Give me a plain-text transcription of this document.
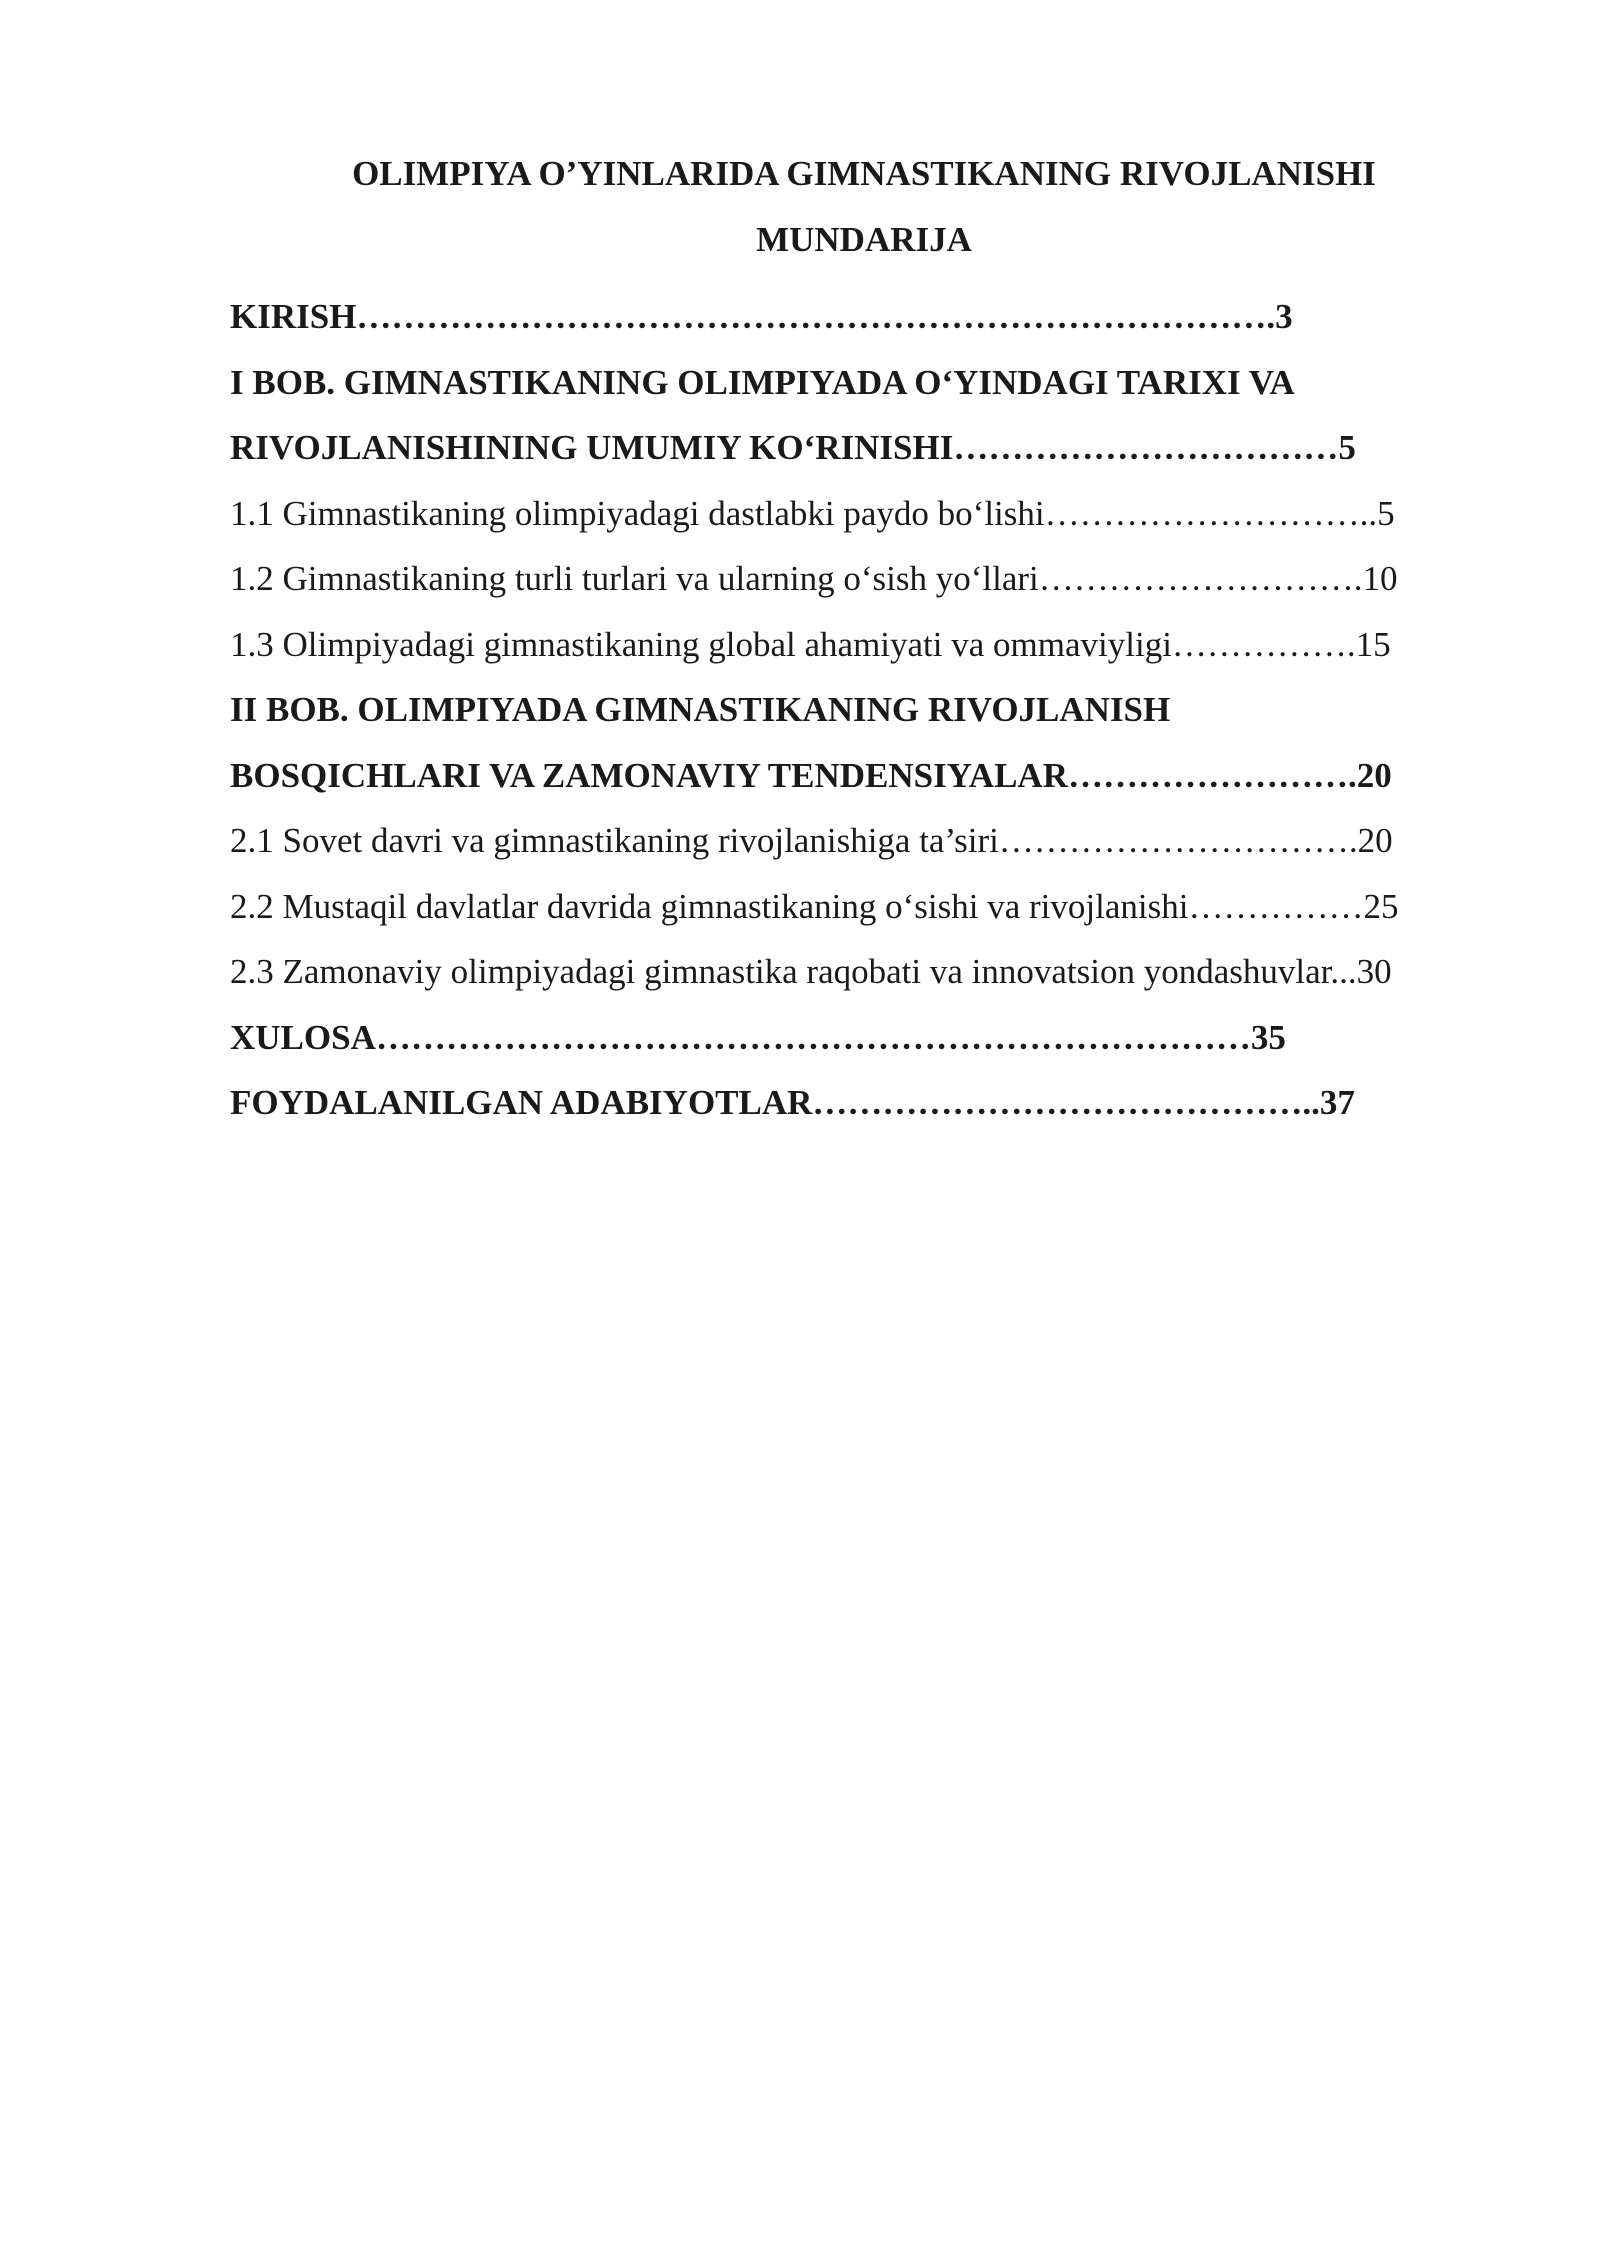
OLIMPIYA O’YINLARIDA GIMNASTIKANING RIVOJLANISHI
MUNDARIJA
KIRISH…………………………………………………………………….3
I BOB. GIMNASTIKANING OLIMPIYADA O‘YINDAGI TARIXI VA
RIVOJLANISHINING UMUMIY KO‘RINISHI……………………………5
1.1 Gimnastikaning olimpiyadagi dastlabki paydo bo‘lishi………………………..5
1.2 Gimnastikaning turli turlari va ularning o‘sish yo‘llari……………………….10
1.3 Olimpiyadagi gimnastikaning global ahamiyati va ommaviyligi…………….15
II BOB. OLIMPIYADA GIMNASTIKANING RIVOJLANISH
BOSQICHLARI VA ZAMONAVIY TENDENSIYALAR…………………….20
2.1 Sovet davri va gimnastikaning rivojlanishiga ta’siri………………………….20
2.2 Mustaqil davlatlar davrida gimnastikaning o‘sishi va rivojlanishi……………25
2.3 Zamonaviy olimpiyadagi gimnastika raqobati va innovatsion yondashuvlar...30
XULOSA…………………………………………………………………35
FOYDALANILGAN ADABIYOTLAR……………………………………..37
